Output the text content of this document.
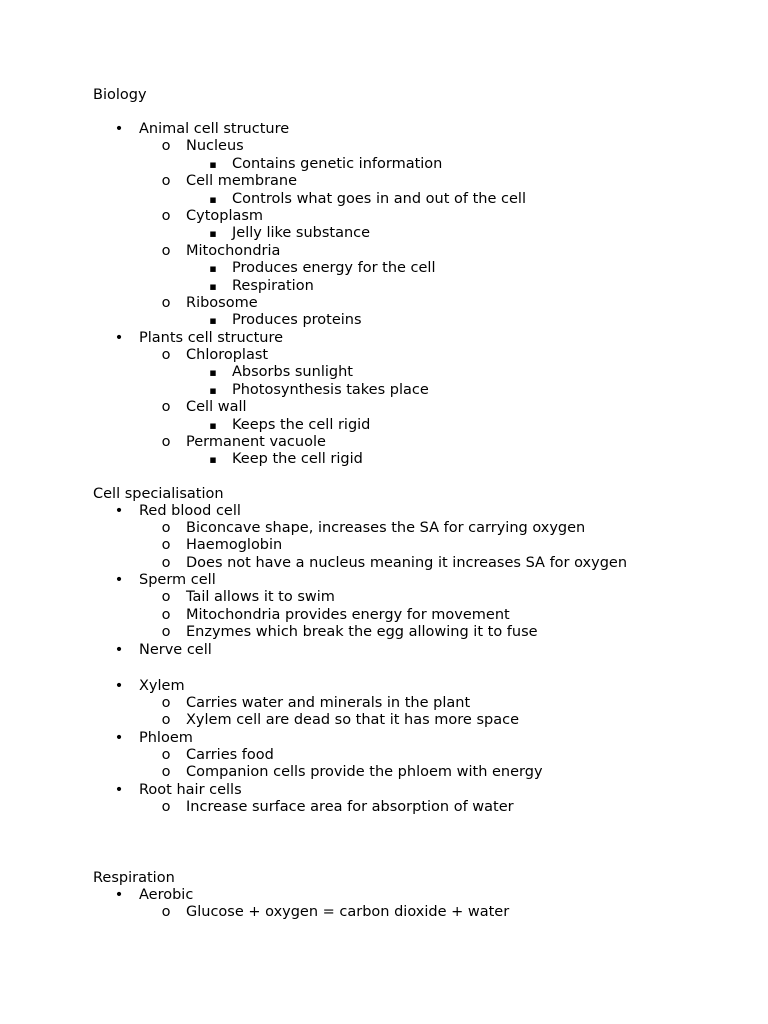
Biology
• Animal cell structure
o Nucleus
▪ Contains genetic information
o Cell membrane
▪ Controls what goes in and out of the cell
o Cytoplasm
▪ Jelly like substance
o Mitochondria
▪ Produces energy for the cell
▪ Respiration
o Ribosome
▪ Produces proteins
• Plants cell structure
o Chloroplast
▪ Absorbs sunlight
▪ Photosynthesis takes place
o Cell wall
▪ Keeps the cell rigid
o Permanent vacuole
▪ Keep the cell rigid
Cell specialisation
• Red blood cell
o Biconcave shape, increases the SA for carrying oxygen
o Haemoglobin
o Does not have a nucleus meaning it increases SA for oxygen
• Sperm cell
o Tail allows it to swim
o Mitochondria provides energy for movement
o Enzymes which break the egg allowing it to fuse
• Nerve cell
• Xylem
o Carries water and minerals in the plant
o Xylem cell are dead so that it has more space
• Phloem
o Carries food
o Companion cells provide the phloem with energy
• Root hair cells
o Increase surface area for absorption of water
Respiration
• Aerobic
o Glucose + oxygen = carbon dioxide + water
